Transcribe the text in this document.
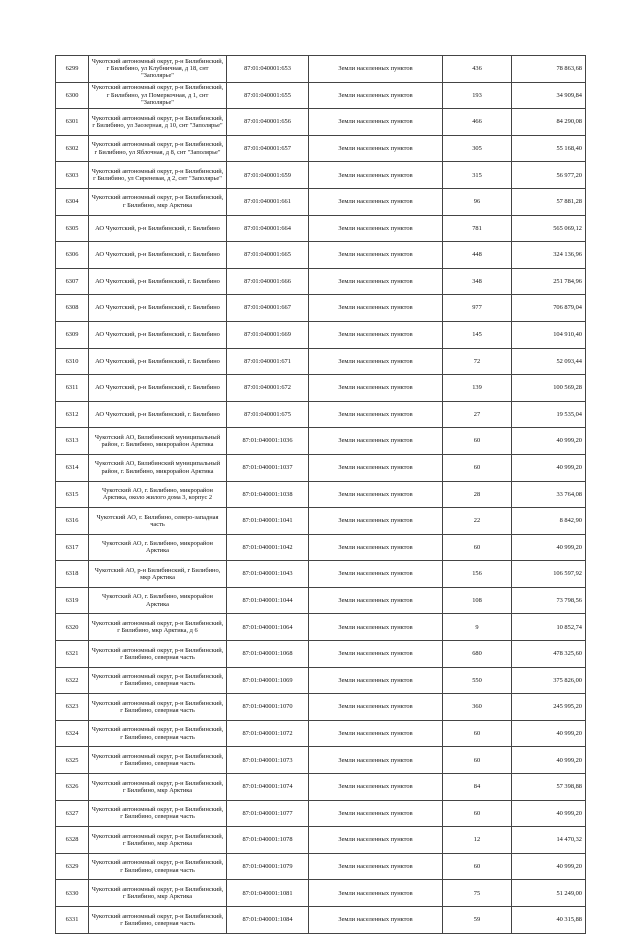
6299	Чукотский автономный округ, р-н Билибинский, г Билибино, ул Клубничная, д 18, снт "Заполярье"	87:01:040001:653	Земли населенных пунктов	436	78 863,68
6300	Чукотский автономный округ, р-н Билибинский, г Билибино, ул Померкочная, д 1, снт "Заполярье"	87:01:040001:655	Земли населенных пунктов	193	34 909,84
6301	Чукотский автономный округ, р-н Билибинский, г Билибино, ул Заозерная, д 10, снт "Заполярье"	87:01:040001:656	Земли населенных пунктов	466	84 290,08
6302	Чукотский автономный округ, р-н Билибинский, г Билибино, ул Яблочная, д 8, снт "Заполярье"	87:01:040001:657	Земли населенных пунктов	305	55 168,40
6303	Чукотский автономный округ, р-н Билибинский, г Билибино, ул Сиреневая, д 2, снт "Заполярье"	87:01:040001:659	Земли населенных пунктов	315	56 977,20
6304	Чукотский автономный округ, р-н Билибинский, г Билибино, мкр Арктика	87:01:040001:661	Земли населенных пунктов	96	57 881,28
6305	АО Чукотский, р-н Билибинский, г. Билибино	87:01:040001:664	Земли населенных пунктов	781	565 069,12
6306	АО Чукотский, р-н Билибинский, г. Билибино	87:01:040001:665	Земли населенных пунктов	448	324 136,96
6307	АО Чукотский, р-н Билибинский, г. Билибино	87:01:040001:666	Земли населенных пунктов	348	251 784,96
6308	АО Чукотский, р-н Билибинский, г. Билибино	87:01:040001:667	Земли населенных пунктов	977	706 879,04
6309	АО Чукотский, р-н Билибинский, г. Билибино	87:01:040001:669	Земли населенных пунктов	145	104 910,40
6310	АО Чукотский, р-н Билибинский, г. Билибино	87:01:040001:671	Земли населенных пунктов	72	52 093,44
6311	АО Чукотский, р-н Билибинский, г. Билибино	87:01:040001:672	Земли населенных пунктов	139	100 569,28
6312	АО Чукотский, р-н Билибинский, г. Билибино	87:01:040001:675	Земли населенных пунктов	27	19 535,04
6313	Чукотский АО, Билибинский муниципальный район, г. Билибино, микрорайон Арктика	87:01:040001:1036	Земли населенных пунктов	60	40 999,20
6314	Чукотский АО, Билибинский муниципальный район, г. Билибино, микрорайон Арктика	87:01:040001:1037	Земли населенных пунктов	60	40 999,20
6315	Чукотский АО, г. Билибино, микрорайон Арктика, около жилого дома 3, корпус 2	87:01:040001:1038	Земли населенных пунктов	28	33 764,08
6316	Чукотский АО, г. Билибино, северо-западная часть	87:01:040001:1041	Земли населенных пунктов	22	8 842,90
6317	Чукотский АО, г. Билибино, микрорайон Арктика	87:01:040001:1042	Земли населенных пунктов	60	40 999,20
6318	Чукотский АО, р-н Билибинский, г Билибино, мкр Арктика	87:01:040001:1043	Земли населенных пунктов	156	106 597,92
6319	Чукотский АО, г. Билибино, микрорайон Арктика	87:01:040001:1044	Земли населенных пунктов	108	73 798,56
6320	Чукотский автономный округ, р-н Билибинский, г Билибино, мкр Арктика, д 6	87:01:040001:1064	Земли населенных пунктов	9	10 852,74
6321	Чукотский автономный округ, р-н Билибинский, г Билибино, северная часть	87:01:040001:1068	Земли населенных пунктов	680	478 325,60
6322	Чукотский автономный округ, р-н Билибинский, г Билибино, северная часть	87:01:040001:1069	Земли населенных пунктов	550	375 826,00
6323	Чукотский автономный округ, р-н Билибинский, г Билибино, северная часть	87:01:040001:1070	Земли населенных пунктов	360	245 995,20
6324	Чукотский автономный округ, р-н Билибинский, г Билибино, северная часть	87:01:040001:1072	Земли населенных пунктов	60	40 999,20
6325	Чукотский автономный округ, р-н Билибинский, г Билибино, северная часть	87:01:040001:1073	Земли населенных пунктов	60	40 999,20
6326	Чукотский автономный округ, р-н Билибинский, г Билибино, мкр Арктика	87:01:040001:1074	Земли населенных пунктов	84	57 398,88
6327	Чукотский автономный округ, р-н Билибинский, г Билибино, северная часть	87:01:040001:1077	Земли населенных пунктов	60	40 999,20
6328	Чукотский автономный округ, р-н Билибинский, г Билибино, мкр Арктика	87:01:040001:1078	Земли населенных пунктов	12	14 470,32
6329	Чукотский автономный округ, р-н Билибинский, г Билибино, северная часть	87:01:040001:1079	Земли населенных пунктов	60	40 999,20
6330	Чукотский автономный округ, р-н Билибинский, г Билибино, мкр Арктика	87:01:040001:1081	Земли населенных пунктов	75	51 249,00
6331	Чукотский автономный округ, р-н Билибинский, г Билибино, северная часть	87:01:040001:1084	Земли населенных пунктов	59	40 315,88
